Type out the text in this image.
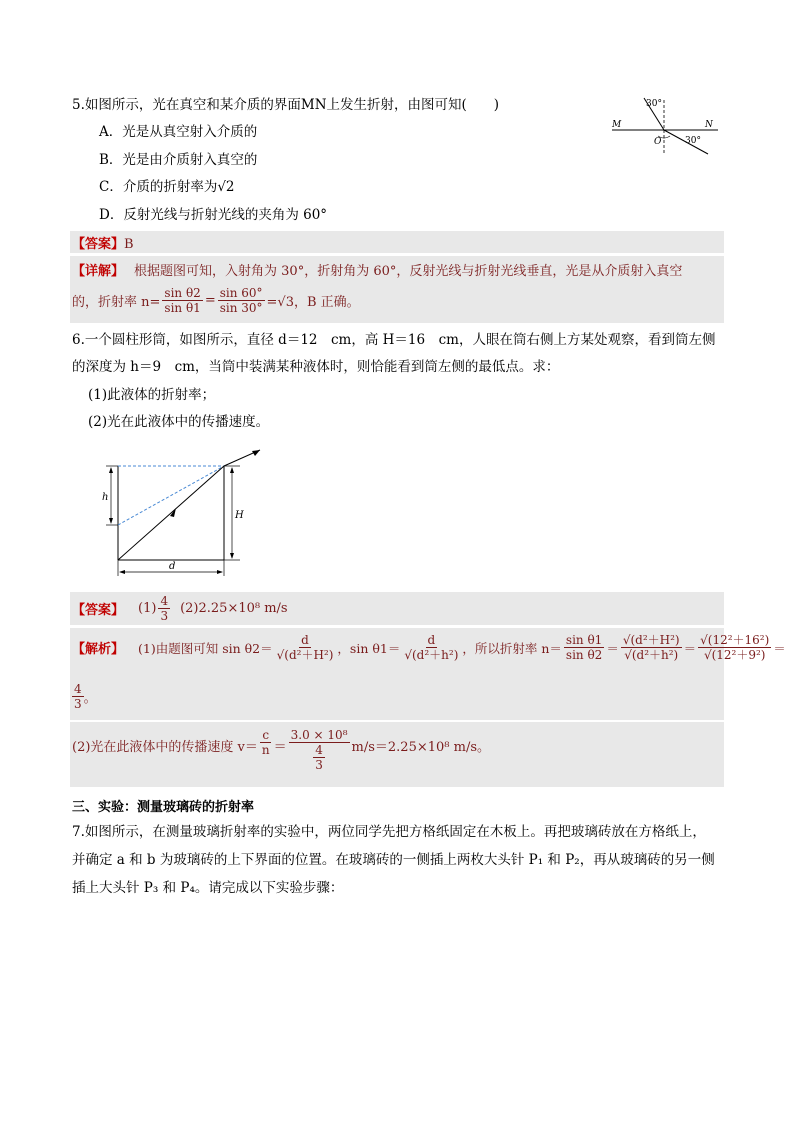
5.如图所示，光在真空和某介质的界面MN上发生折射，由图可知(　　)
A．光是从真空射入介质的
B．光是由介质射入真空的
C．介质的折射率为√2
D．反射光线与折射光线的夹角为 60°
30°
30°
M	N
O
【答案】B
【详解】 根据题图可知，入射角为 30°，折射角为 60°，反射光线与折射光线垂直，光是从介质射入真空
的，折射率 $n= \frac{\text{sin θ2}}{\text{sin θ1}} = \frac{\sin 60^\circ}{\sin 30^\circ} =√3$，B 正确。
6.一个圆柱形筒，如图所示，直径 d＝12　cm，高 H＝16　cm，人眼在筒右侧上方某处观察，看到筒左侧
的深度为 h＝9　cm，当筒中装满某种液体时，则恰能看到筒左侧的最低点。求：
(1)此液体的折射率；
(2)光在此液体中的传播速度。
h
H
d
【答案】 $(1) \frac{4}{3} (2)2.25\times 10^8$ m/s
【解析】 (1)由题图可知 $\sin \theta 2= \frac{d}{\text{√(d²＋H²)}}$ ，$\sin \theta 1= \frac{d}{\text{√(d²＋h²)}}$ ，所以折射率 $n= \frac{\text{sin θ1}}{\text{sin θ2}} = \frac{\text{√(d²＋H²)}}{\text{√(d²＋h²)}} = \frac{\text{√(12²＋16²)}}{\text{√(12²＋9²)}}$ ＝
$\frac{4}{3}$ 。
(2)光在此液体中的传播速度 $v= \frac{c}{n} = 3.0 \times 10^8$
4
3 m/s＝2.25×10⁸ m/s。
三、实验：测量玻璃砖的折射率
7.如图所示，在测量玻璃折射率的实验中，两位同学先把方格纸固定在木板上。再把玻璃砖放在方格纸上，
并确定 a 和 b 为玻璃砖的上下界面的位置。在玻璃砖的一侧插上两枚大头针 P₁ 和 P₂，再从玻璃砖的另一侧
插上大头针 P₃ 和 P₄。请完成以下实验步骤：
